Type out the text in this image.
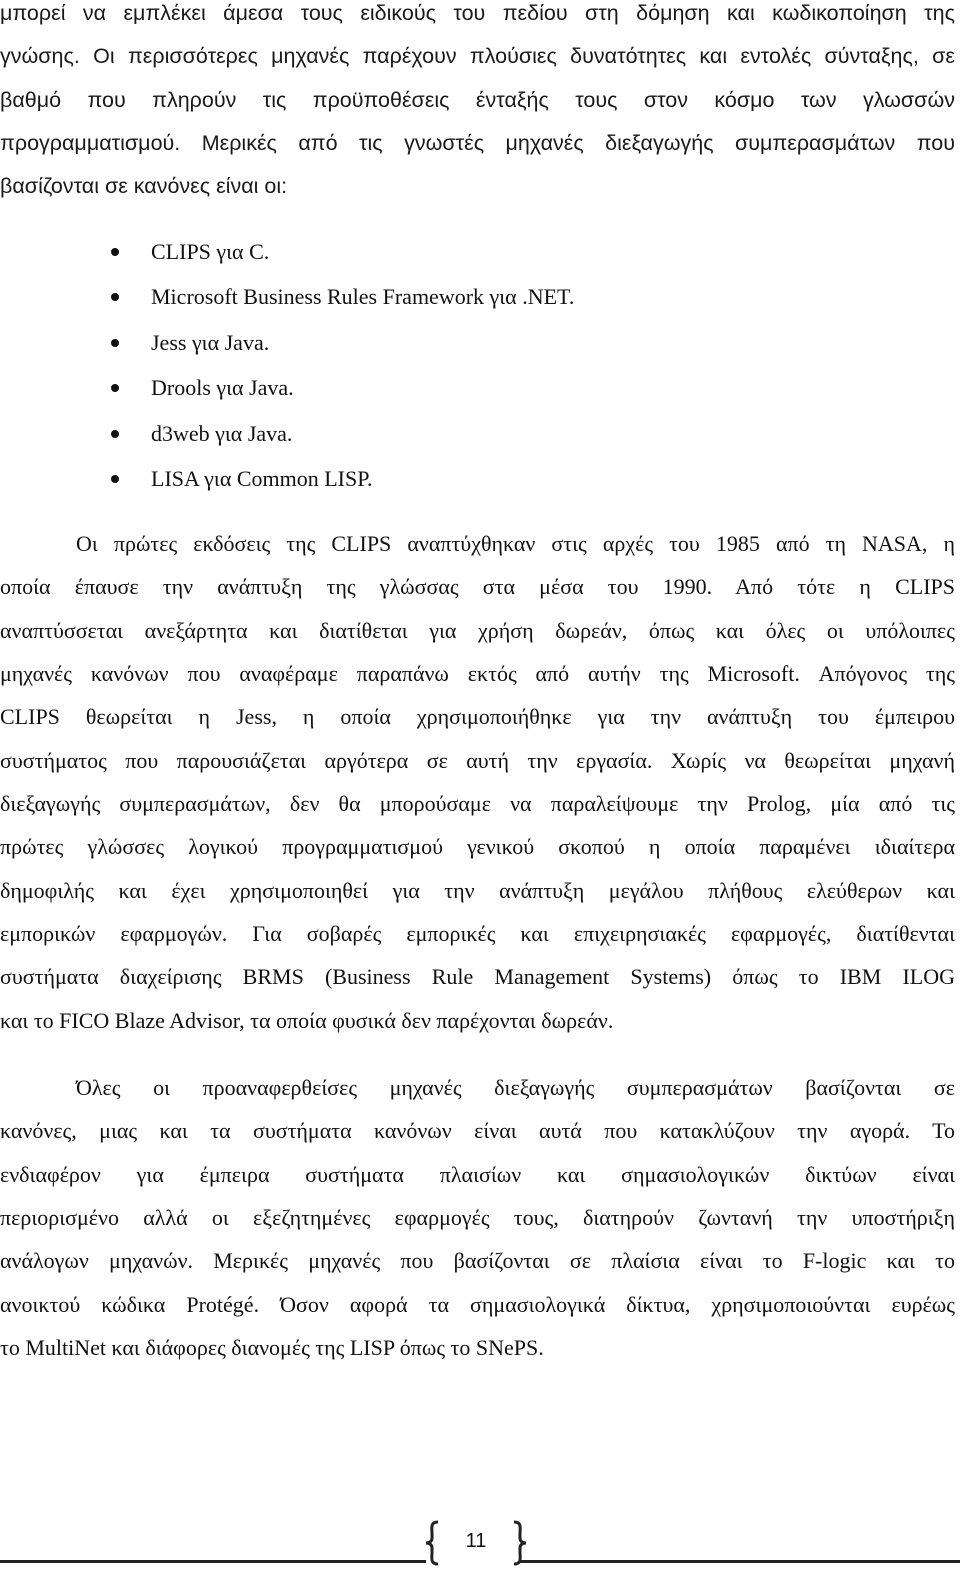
μπορεί να εμπλέκει άμεσα τους ειδικούς του πεδίου στη δόμηση και κωδικοποίηση της
γνώσης. Οι περισσότερες μηχανές παρέχουν πλούσιες δυνατότητες και εντολές σύνταξης, σε
βαθμό που πληρούν τις προϋποθέσεις ένταξής τους στον κόσμο των γλωσσών
προγραμματισμού. Μερικές από τις γνωστές μηχανές διεξαγωγής συμπερασμάτων που
βασίζονται σε κανόνες είναι οι:
CLIPS για C.
Microsoft Business Rules Framework για .NET.
Jess για Java.
Drools για Java.
d3web για Java.
LISA για Common LISP.
Οι πρώτες εκδόσεις της CLIPS αναπτύχθηκαν στις αρχές του 1985 από τη NASA, η
οποία έπαυσε την ανάπτυξη της γλώσσας στα μέσα του 1990. Από τότε η CLIPS
αναπτύσσεται ανεξάρτητα και διατίθεται για χρήση δωρεάν, όπως και όλες οι υπόλοιπες
μηχανές κανόνων που αναφέραμε παραπάνω εκτός από αυτήν της Microsoft. Απόγονος της
CLIPS θεωρείται η Jess, η οποία χρησιμοποιήθηκε για την ανάπτυξη του έμπειρου
συστήματος που παρουσιάζεται αργότερα σε αυτή την εργασία. Χωρίς να θεωρείται μηχανή
διεξαγωγής συμπερασμάτων, δεν θα μπορούσαμε να παραλείψουμε την Prolog, μία από τις
πρώτες γλώσσες λογικού προγραμματισμού γενικού σκοπού η οποία παραμένει ιδιαίτερα
δημοφιλής και έχει χρησιμοποιηθεί για την ανάπτυξη μεγάλου πλήθους ελεύθερων και
εμπορικών εφαρμογών. Για σοβαρές εμπορικές και επιχειρησιακές εφαρμογές, διατίθενται
συστήματα διαχείρισης BRMS (Business Rule Management Systems) όπως το IBM ILOG
και το FICO Blaze Advisor, τα οποία φυσικά δεν παρέχονται δωρεάν.
Όλες οι προαναφερθείσες μηχανές διεξαγωγής συμπερασμάτων βασίζονται σε
κανόνες, μιας και τα συστήματα κανόνων είναι αυτά που κατακλύζουν την αγορά. Το
ενδιαφέρον για έμπειρα συστήματα πλαισίων και σημασιολογικών δικτύων είναι
περιορισμένο αλλά οι εξεζητημένες εφαρμογές τους, διατηρούν ζωντανή την υποστήριξη
ανάλογων μηχανών. Μερικές μηχανές που βασίζονται σε πλαίσια είναι το F-logic και το
ανοικτού κώδικα Protégé. Όσον αφορά τα σημασιολογικά δίκτυα, χρησιμοποιούνται ευρέως
το MultiNet και διάφορες διανομές της LISP όπως το SNePS.
11
